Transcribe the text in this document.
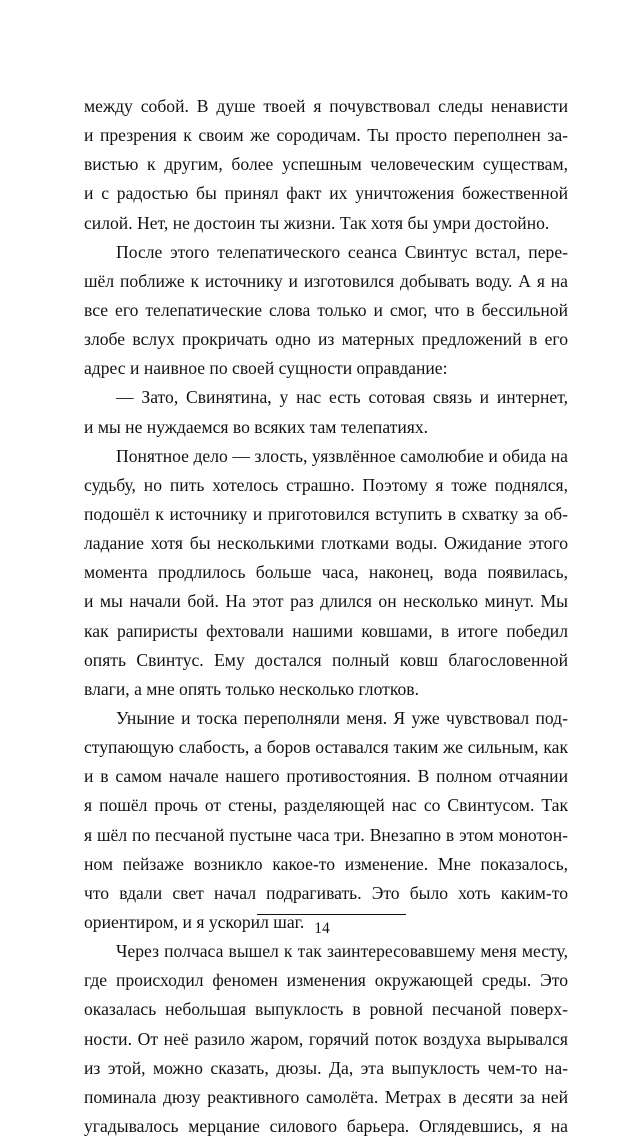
между собой. В душе твоей я почувствовал следы ненависти
и презрения к своим же сородичам. Ты просто переполнен за-
вистью к другим, более успешным человеческим существам,
и с радостью бы принял факт их уничтожения божественной
силой. Нет, не достоин ты жизни. Так хотя бы умри достойно.
После этого телепатического сеанса Свинтус встал, пере-
шёл поближе к источнику и изготовился добывать воду. А я на
все его телепатические слова только и смог, что в бессильной
злобе вслух прокричать одно из матерных предложений в его
адрес и наивное по своей сущности оправдание:
— Зато, Свинятина, у нас есть сотовая связь и интернет,
и мы не нуждаемся во всяких там телепатиях.
Понятное дело — злость, уязвлённое самолюбие и обида на
судьбу, но пить хотелось страшно. Поэтому я тоже поднялся,
подошёл к источнику и приготовился вступить в схватку за об-
ладание хотя бы несколькими глотками воды. Ожидание этого
момента продлилось больше часа, наконец, вода появилась,
и мы начали бой. На этот раз длился он несколько минут. Мы
как рапиристы фехтовали нашими ковшами, в итоге победил
опять Свинтус. Ему достался полный ковш благословенной
влаги, а мне опять только несколько глотков.
Уныние и тоска переполняли меня. Я уже чувствовал под-
ступающую слабость, а боров оставался таким же сильным, как
и в самом начале нашего противостояния. В полном отчаянии
я пошёл прочь от стены, разделяющей нас со Свинтусом. Так
я шёл по песчаной пустыне часа три. Внезапно в этом монотон-
ном пейзаже возникло какое-то изменение. Мне показалось,
что вдали свет начал подрагивать. Это было хоть каким-то
ориентиром, и я ускорил шаг.
Через полчаса вышел к так заинтересовавшему меня месту,
где происходил феномен изменения окружающей среды. Это
оказалась небольшая выпуклость в ровной песчаной поверх-
ности. От неё разило жаром, горячий поток воздуха вырывался
из этой, можно сказать, дюзы. Да, эта выпуклость чем-то на-
поминала дюзу реактивного самолёта. Метрах в десяти за ней
угадывалось мерцание силового барьера. Оглядевшись, я на
14
